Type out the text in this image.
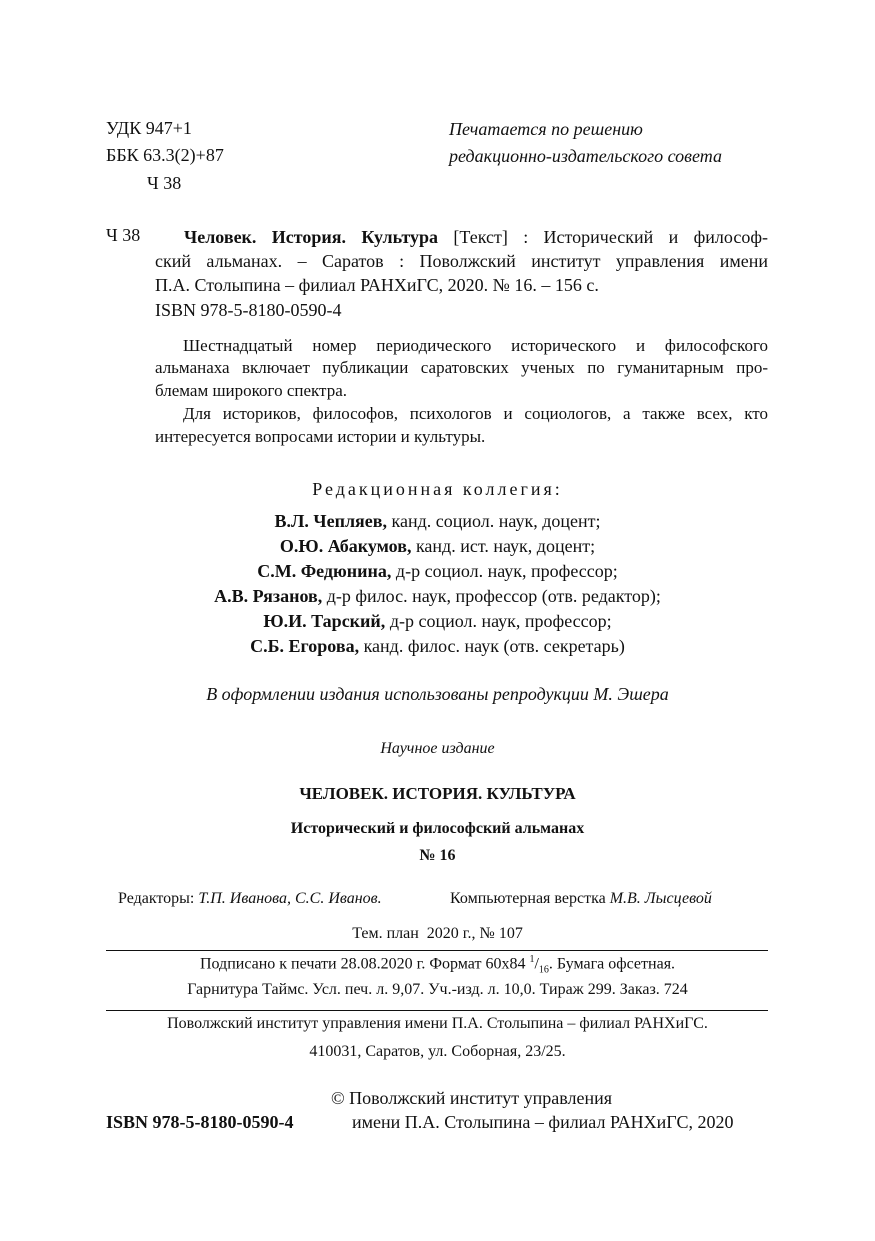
УДК 947+1
ББК 63.3(2)+87
Ч 38
Печатается по решению
редакционно-издательского совета
Ч 38 Человек. История. Культура [Текст] : Исторический и философ-
ский альманах. – Саратов : Поволжский институт управления имени
П.А. Столыпина – филиал РАНХиГС, 2020. № 16. – 156 с.
ISBN 978-5-8180-0590-4
Шестнадцатый номер периодического исторического и философского
альманаха включает публикации саратовских ученых по гуманитарным про-
блемам широкого спектра.
Для историков, философов, психологов и социологов, а также всех, кто
интересуется вопросами истории и культуры.
Редакционная коллегия:
В.Л. Чепляев, канд. социол. наук, доцент;
О.Ю. Абакумов, канд. ист. наук, доцент;
С.М. Федюнина, д-р социол. наук, профессор;
А.В. Рязанов, д-р филос. наук, профессор (отв. редактор);
Ю.И. Тарский, д-р социол. наук, профессор;
С.Б. Егорова, канд. филос. наук (отв. секретарь)
В оформлении издания использованы репродукции М. Эшера
Научное издание
ЧЕЛОВЕК. ИСТОРИЯ. КУЛЬТУРА
Исторический и философский альманах
№ 16
Редакторы: Т.П. Иванова, С.С. Иванов.	Компьютерная верстка М.В. Лысцевой
Тем. план  2020 г., № 107
Подписано к печати 28.08.2020 г. Формат 60х84 $^1/_{16}$. Бумага офсетная.
Гарнитура Таймс. Усл. печ. л. 9,07. Уч.-изд. л. 10,0. Тираж 299. Заказ. 724
Поволжский институт управления имени П.А. Столыпина – филиал РАНХиГС.
410031, Саратов, ул. Соборная, 23/25.
ISBN 978-5-8180-0590-4
© Поволжский институт управления
имени П.А. Столыпина – филиал РАНХиГС, 2020
